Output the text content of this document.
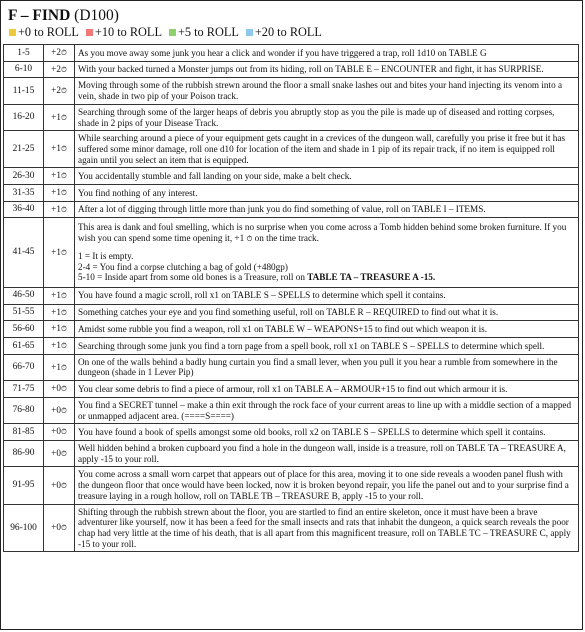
F – FIND (D100)
+0 to ROLL +10 to ROLL +5 to ROLL +20 to ROLL
1-5	+2⏱	As you move away some junk you hear a click and wonder if you have triggered a trap, roll 1d10 on TABLE G
6-10	+2⏱	With your backed turned a Monster jumps out from its hiding, roll on TABLE E – ENCOUNTER and fight, it has SURPRISE.
11-15	+2⏱	Moving through some of the rubbish strewn around the floor a small snake lashes out and bites your hand injecting its venom into a vein, shade in two pip of your Poison track.
16-20	+1⏱	Searching through some of the larger heaps of debris you abruptly stop as you the pile is made up of diseased and rotting corpses, shade in 2 pips of your Disease Track.
21-25	+1⏱	While searching around a piece of your equipment gets caught in a crevices of the dungeon wall, carefully you prise it free but it has suffered some minor damage, roll one d10 for location of the item and shade in 1 pip of its repair track, if no item is equipped roll again until you select an item that is equipped.
26-30	+1⏱	You accidentally stumble and fall landing on your side, make a belt check.
31-35	+1⏱	You find nothing of any interest.
36-40	+1⏱	After a lot of digging through little more than junk you do find something of value, roll on TABLE I – ITEMS.
41-45	+1⏱	This area is dank and foul smelling, which is no surprise when you come across a Tomb hidden behind some broken furniture. If you wish you can spend some time opening it, +1 ⏱ on the time track.
1 = It is empty.
2-4 = You find a corpse clutching a bag of gold (+480gp)
5-10 = Inside apart from some old bones is a Treasure, roll on TABLE TA – TREASURE A -15.

46-50	+1⏱	You have found a magic scroll, roll x1 on TABLE S – SPELLS to determine which spell it contains.
51-55	+1⏱	Something catches your eye and you find something useful, roll on TABLE R – REQUIRED to find out what it is.
56-60	+1⏱	Amidst some rubble you find a weapon, roll x1 on TABLE W – WEAPONS+15 to find out which weapon it is.
61-65	+1⏱	Searching through some junk you find a torn page from a spell book, roll x1 on TABLE S – SPELLS to determine which spell.
66-70	+1⏱	On one of the walls behind a badly hung curtain you find a small lever, when you pull it you hear a rumble from somewhere in the dungeon (shade in 1 Lever Pip)
71-75	+0⏱	You clear some debris to find a piece of armour, roll x1 on TABLE A – ARMOUR+15 to find out which armour it is.
76-80	+0⏱	You find a SECRET tunnel – make a thin exit through the rock face of your current areas to line up with a middle section of a mapped or unmapped adjacent area. (====S====)
81-85	+0⏱	You have found a book of spells amongst some old books, roll x2 on TABLE S – SPELLS to determine which spell it contains.
86-90	+0⏱	Well hidden behind a broken cupboard you find a hole in the dungeon wall, inside is a treasure, roll on TABLE TA – TREASURE A, apply -15 to your roll.
91-95	+0⏱	You come across a small worn carpet that appears out of place for this area, moving it to one side reveals a wooden panel flush with the dungeon floor that once would have been locked, now it is broken beyond repair, you life the panel out and to your surprise find a treasure laying in a rough hollow, roll on TABLE TB – TREASURE B, apply -15 to your roll.
96-100	+0⏱	Shifting through the rubbish strewn about the floor, you are startled to find an entire skeleton, once it must have been a brave adventurer like yourself, now it has been a feed for the small insects and rats that inhabit the dungeon, a quick search reveals the poor chap had very little at the time of his death, that is all apart from this magnificent treasure, roll on TABLE TC – TREASURE C, apply -15 to your roll.
